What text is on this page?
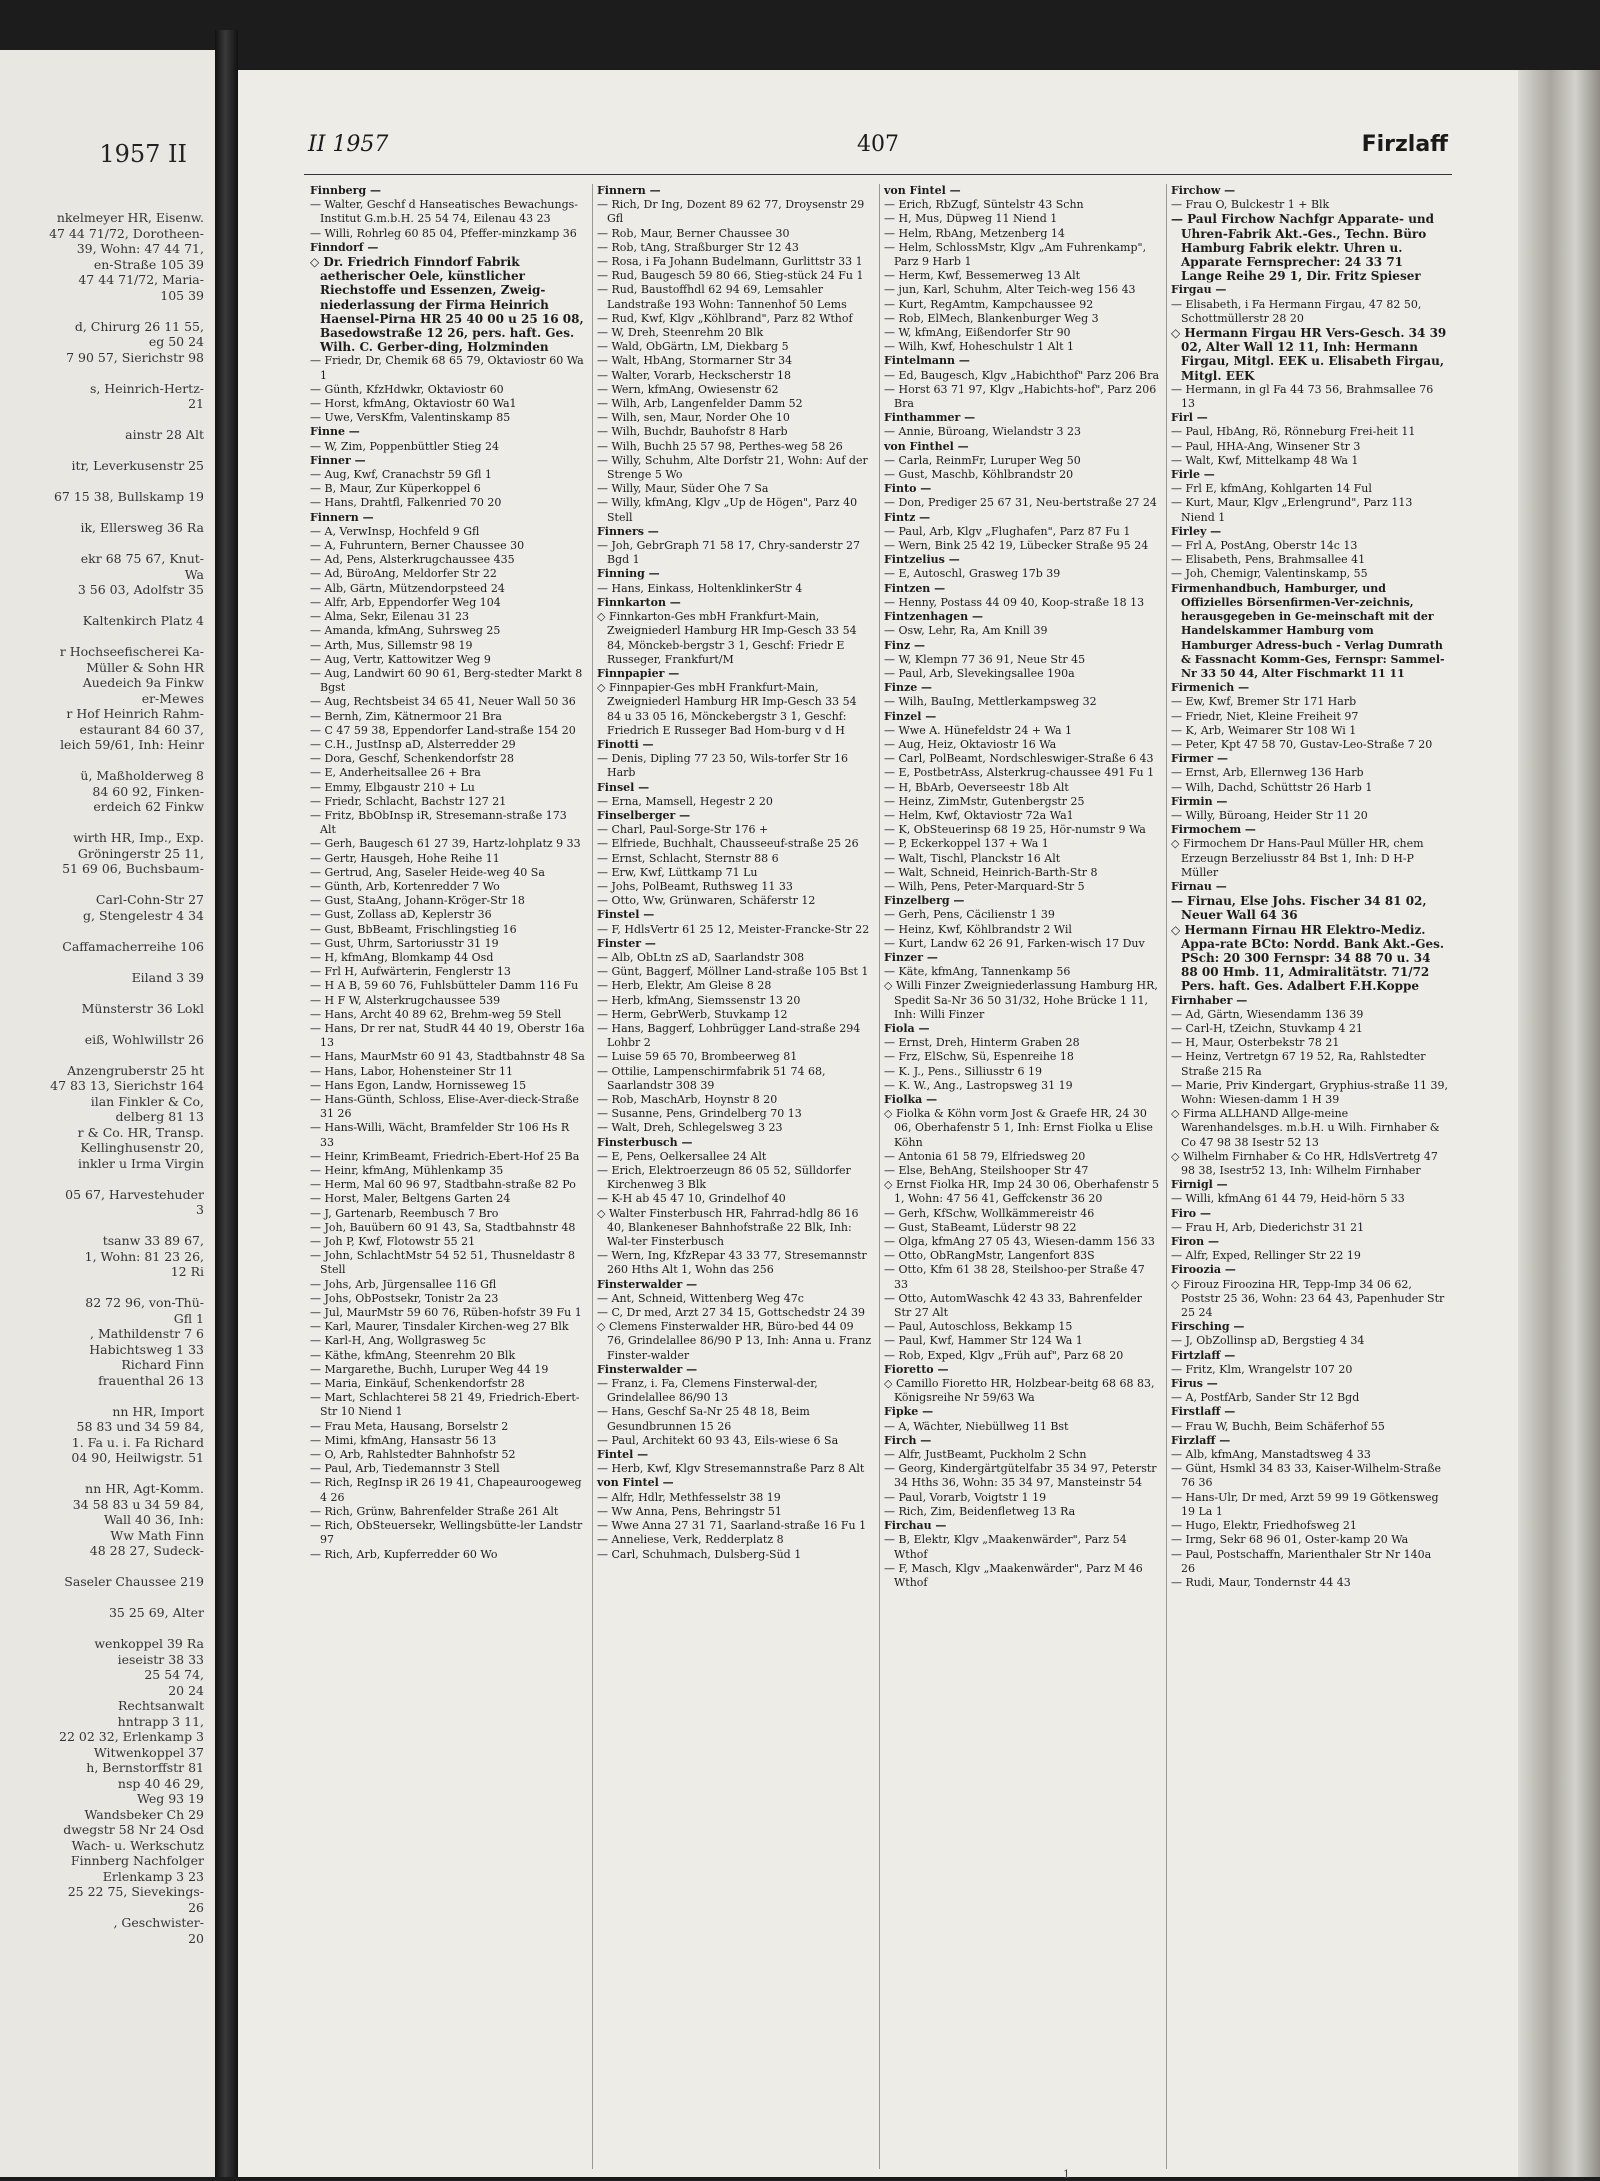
1957 II
nkelmeyer HR, Eisenw.
47 44 71/72, Dorotheen-
39, Wohn: 47 44 71,
en-Straße 105 39
47 44 71/72, Maria-
105 39

d, Chirurg 26 11 55,
eg 50 24
7 90 57, Sierichstr 98

s, Heinrich-Hertz-
21

ainstr 28 Alt

itr, Leverkusenstr 25

67 15 38, Bullskamp 19

ik, Ellersweg 36 Ra

ekr 68 75 67, Knut-
Wa
3 56 03, Adolfstr 35

Kaltenkirch Platz 4

r Hochseefischerei Ka-
Müller & Sohn HR
Auedeich 9a Finkw
er-Mewes
r Hof Heinrich Rahm-
estaurant 84 60 37,
leich 59/61, Inh: Heinr

ü, Maßholderweg 8
84 60 92, Finken-
erdeich 62 Finkw

wirth HR, Imp., Exp.
Gröningerstr 25 11,
51 69 06, Buchsbaum-

Carl-Cohn-Str 27
g, Stengelestr 4 34

Caffamacherreihe 106

Eiland 3 39

Münsterstr 36 Lokl

eiß, Wohlwillstr 26

Anzengruberstr 25 ht
47 83 13, Sierichstr 164
ilan Finkler & Co,
delberg 81 13
r & Co. HR, Transp.
Kellinghusenstr 20,
inkler u Irma Virgin

05 67, Harvestehuder
3

tsanw 33 89 67,
1, Wohn: 81 23 26,
12 Ri

82 72 96, von-Thü-
Gfl 1
, Mathildenstr 7 6
Habichtsweg 1 33
Richard Finn
frauenthal 26 13

nn HR, Import
58 83 und 34 59 84,
1. Fa u. i. Fa Richard
04 90, Heilwigstr. 51

nn HR, Agt-Komm.
34 58 83 u 34 59 84,
Wall 40 36, Inh:
Ww Math Finn
48 28 27, Sudeck-

Saseler Chaussee 219

35 25 69, Alter

wenkoppel 39 Ra
ieseistr 38 33
25 54 74,
20 24
Rechtsanwalt
hntrapp 3 11,
22 02 32, Erlenkamp 3
Witwenkoppel 37
h, Bernstorffstr 81
nsp 40 46 29,
Weg 93 19
Wandsbeker Ch 29
dwegstr 58 Nr 24 Osd
Wach- u. Werkschutz
Finnberg Nachfolger
Erlenkamp 3 23
25 22 75, Sievekings-
26
, Geschwister-
20
II 1957	407	Firzlaff
Finnberg —
— Walter, Geschf d Hanseatisches Bewachungs-Institut G.m.b.H. 25 54 74, Eilenau 43 23
— Willi, Rohrleg 60 85 04, Pfeffer-minzkamp 36
Finndorf —
◇ Dr. Friedrich Finndorf Fabrik aetherischer Oele, künstlicher Riechstoffe und Essenzen, Zweig-niederlassung der Firma Heinrich Haensel-Pirna HR 25 40 00 u 25 16 08, Basedowstraße 12 26, pers. haft. Ges. Wilh. C. Gerber-ding, Holzminden
— Friedr, Dr, Chemik 68 65 79, Oktaviostr 60 Wa 1
— Günth, KfzHdwkr, Oktaviostr 60
— Horst, kfmAng, Oktaviostr 60 Wa1
— Uwe, VersKfm, Valentinskamp 85
Finne —
— W, Zim, Poppenbüttler Stieg 24
Finner —
— Aug, Kwf, Cranachstr 59 Gfl 1
— B, Maur, Zur Küperkoppel 6
— Hans, Drahtfl, Falkenried 70 20
Finnern —
— A, VerwInsp, Hochfeld 9 Gfl
— A, Fuhruntern, Berner Chaussee 30
— Ad, Pens, Alsterkrugchaussee 435
— Ad, BüroAng, Meldorfer Str 22
— Alb, Gärtn, Mützendorpsteed 24
— Alfr, Arb, Eppendorfer Weg 104
— Alma, Sekr, Eilenau 31 23
— Amanda, kfmAng, Suhrsweg 25
— Arth, Mus, Sillemstr 98 19
— Aug, Vertr, Kattowitzer Weg 9
— Aug, Landwirt 60 90 61, Berg-stedter Markt 8 Bgst
— Aug, Rechtsbeist 34 65 41, Neuer Wall 50 36
— Bernh, Zim, Kätnermoor 21 Bra
— C 47 59 38, Eppendorfer Land-straße 154 20
— C.H., JustInsp aD, Alsterredder 29
— Dora, Geschf, Schenkendorfstr 28
— E, Anderheitsallee 26 + Bra
— Emmy, Elbgaustr 210 + Lu
— Friedr, Schlacht, Bachstr 127 21
— Fritz, BbObInsp iR, Stresemann-straße 173 Alt
— Gerh, Baugesch 61 27 39, Hartz-lohplatz 9 33
— Gertr, Hausgeh, Hohe Reihe 11
— Gertrud, Ang, Saseler Heide-weg 40 Sa
— Günth, Arb, Kortenredder 7 Wo
— Gust, StaAng, Johann-Kröger-Str 18
— Gust, Zollass aD, Keplerstr 36
— Gust, BbBeamt, Frischlingstieg 16
— Gust, Uhrm, Sartoriusstr 31 19
— H, kfmAng, Blomkamp 44 Osd
— Frl H, Aufwärterin, Fenglerstr 13
— H A B, 59 60 76, Fuhlsbütteler Damm 116 Fu
— H F W, Alsterkrugchaussee 539
— Hans, Archt 40 89 62, Brehm-weg 59 Stell
— Hans, Dr rer nat, StudR 44 40 19, Oberstr 16a 13
— Hans, MaurMstr 60 91 43, Stadtbahnstr 48 Sa
— Hans, Labor, Hohensteiner Str 11
— Hans Egon, Landw, Hornisseweg 15
— Hans-Günth, Schloss, Elise-Aver-dieck-Straße 31 26
— Hans-Willi, Wächt, Bramfelder Str 106 Hs R 33
— Heinr, KrimBeamt, Friedrich-Ebert-Hof 25 Ba
— Heinr, kfmAng, Mühlenkamp 35
— Herm, Mal 60 96 97, Stadtbahn-straße 82 Po
— Horst, Maler, Beltgens Garten 24
— J, Gartenarb, Reembusch 7 Bro
— Joh, Bauübern 60 91 43, Sa, Stadtbahnstr 48
— Joh P, Kwf, Flotowstr 55 21
— John, SchlachtMstr 54 52 51, Thusneldastr 8 Stell
— Johs, Arb, Jürgensallee 116 Gfl
— Johs, ObPostsekr, Tonistr 2a 23
— Jul, MaurMstr 59 60 76, Rüben-hofstr 39 Fu 1
— Karl, Maurer, Tinsdaler Kirchen-weg 27 Blk
— Karl-H, Ang, Wollgrasweg 5c
— Käthe, kfmAng, Steenrehm 20 Blk
— Margarethe, Buchh, Luruper Weg 44 19
— Maria, Einkäuf, Schenkendorfstr 28
— Mart, Schlachterei 58 21 49, Friedrich-Ebert-Str 10 Niend 1
— Frau Meta, Hausang, Borselstr 2
— Mimi, kfmAng, Hansastr 56 13
— O, Arb, Rahlstedter Bahnhofstr 52
— Paul, Arb, Tiedemannstr 3 Stell
— Rich, RegInsp iR 26 19 41, Chapeauroogeweg 4 26
— Rich, Grünw, Bahrenfelder Straße 261 Alt
— Rich, ObSteuersekr, Wellingsbütte-ler Landstr 97
— Rich, Arb, Kupferredder 60 Wo
Finnern —
— Rich, Dr Ing, Dozent 89 62 77, Droysenstr 29 Gfl
— Rob, Maur, Berner Chaussee 30
— Rob, tAng, Straßburger Str 12 43
— Rosa, i Fa Johann Budelmann, Gurlittstr 33 1
— Rud, Baugesch 59 80 66, Stieg-stück 24 Fu 1
— Rud, Baustoffhdl 62 94 69, Lemsahler Landstraße 193 Wohn: Tannenhof 50 Lems
— Rud, Kwf, Klgv „Köhlbrand", Parz 82 Wthof
— W, Dreh, Steenrehm 20 Blk
— Wald, ObGärtn, LM, Diekbarg 5
— Walt, HbAng, Stormarner Str 34
— Walter, Vorarb, Heckscherstr 18
— Wern, kfmAng, Owiesenstr 62
— Wilh, Arb, Langenfelder Damm 52
— Wilh, sen, Maur, Norder Ohe 10
— Wilh, Buchdr, Bauhofstr 8 Harb
— Wilh, Buchh 25 57 98, Perthes-weg 58 26
— Willy, Schuhm, Alte Dorfstr 21, Wohn: Auf der Strenge 5 Wo
— Willy, Maur, Süder Ohe 7 Sa
— Willy, kfmAng, Klgv „Up de Högen", Parz 40 Stell
Finners —
— Joh, GebrGraph 71 58 17, Chry-sanderstr 27 Bgd 1
Finning —
— Hans, Einkass, HoltenklinkerStr 4
Finnkarton —
◇ Finnkarton-Ges mbH Frankfurt-Main, Zweigniederl Hamburg HR Imp-Gesch 33 54 84, Mönckeb-bergstr 3 1, Geschf: Friedr E Russeger, Frankfurt/M
Finnpapier —
◇ Finnpapier-Ges mbH Frankfurt-Main, Zweigniederl Hamburg HR Imp-Gesch 33 54 84 u 33 05 16, Mönckebergstr 3 1, Geschf: Friedrich E Russeger Bad Hom-burg v d H
Finotti —
— Denis, Dipling 77 23 50, Wils-torfer Str 16 Harb
Finsel —
— Erna, Mamsell, Hegestr 2 20
Finselberger —
— Charl, Paul-Sorge-Str 176 +
— Elfriede, Buchhalt, Chausseeuf-straße 25 26
— Ernst, Schlacht, Sternstr 88 6
— Erw, Kwf, Lüttkamp 71 Lu
— Johs, PolBeamt, Ruthsweg 11 33
— Otto, Ww, Grünwaren, Schäferstr 12
Finstel —
— F, HdlsVertr 61 25 12, Meister-Francke-Str 22
Finster —
— Alb, ObLtn zS aD, Saarlandstr 308
— Günt, Baggerf, Möllner Land-straße 105 Bst 1
— Herb, Elektr, Am Gleise 8 28
— Herb, kfmAng, Siemssenstr 13 20
— Herm, GebrWerb, Stuvkamp 12
— Hans, Baggerf, Lohbrügger Land-straße 294 Lohbr 2
— Luise 59 65 70, Brombeerweg 81
— Ottilie, Lampenschirmfabrik 51 74 68, Saarlandstr 308 39
— Rob, MaschArb, Hoynstr 8 20
— Susanne, Pens, Grindelberg 70 13
— Walt, Dreh, Schlegelsweg 3 23
Finsterbusch —
— E, Pens, Oelkersallee 24 Alt
— Erich, Elektroerzeugn 86 05 52, Sülldorfer Kirchenweg 3 Blk
— K-H ab 45 47 10, Grindelhof 40
◇ Walter Finsterbusch HR, Fahrrad-hdlg 86 16 40, Blankeneser Bahnhofstraße 22 Blk, Inh: Wal-ter Finsterbusch
— Wern, Ing, KfzRepar 43 33 77, Stresemannstr 260 Hths Alt 1, Wohn das 256
Finsterwalder —
— Ant, Schneid, Wittenberg Weg 47c
— C, Dr med, Arzt 27 34 15, Gottschedstr 24 39
◇ Clemens Finsterwalder HR, Büro-bed 44 09 76, Grindelallee 86/90 P 13, Inh: Anna u. Franz Finster-walder
Finsterwalder —
— Franz, i. Fa, Clemens Finsterwal-der, Grindelallee 86/90 13
— Hans, Geschf Sa-Nr 25 48 18, Beim Gesundbrunnen 15 26
— Paul, Architekt 60 93 43, Eils-wiese 6 Sa
Fintel —
— Herb, Kwf, Klgv Stresemannstraße Parz 8 Alt
von Fintel —
— Alfr, Hdlr, Methfesselstr 38 19
— Ww Anna, Pens, Behringstr 51
— Wwe Anna 27 31 71, Saarland-straße 16 Fu 1
— Anneliese, Verk, Redderplatz 8
— Carl, Schuhmach, Dulsberg-Süd 1
von Fintel —
— Erich, RbZugf, Süntelstr 43 Schn
— H, Mus, Düpweg 11 Niend 1
— Helm, RbAng, Metzenberg 14
— Helm, SchlossMstr, Klgv „Am Fuhrenkamp", Parz 9 Harb 1
— Herm, Kwf, Bessemerweg 13 Alt
— jun, Karl, Schuhm, Alter Teich-weg 156 43
— Kurt, RegAmtm, Kampchaussee 92
— Rob, ElMech, Blankenburger Weg 3
— W, kfmAng, Eißendorfer Str 90
— Wilh, Kwf, Hoheschulstr 1 Alt 1
Fintelmann —
— Ed, Baugesch, Klgv „Habichthof" Parz 206 Bra
— Horst 63 71 97, Klgv „Habichts-hof", Parz 206 Bra
Finthammer —
— Annie, Büroang, Wielandstr 3 23
von Finthel —
— Carla, ReinmFr, Luruper Weg 50
— Gust, Maschb, Köhlbrandstr 20
Finto —
— Don, Prediger 25 67 31, Neu-bertstraße 27 24
Fintz —
— Paul, Arb, Klgv „Flughafen", Parz 87 Fu 1
— Wern, Bink 25 42 19, Lübecker Straße 95 24
Fintzelius —
— E, Autoschl, Grasweg 17b 39
Fintzen —
— Henny, Postass 44 09 40, Koop-straße 18 13
Fintzenhagen —
— Osw, Lehr, Ra, Am Knill 39
Finz —
— W, Klempn 77 36 91, Neue Str 45
— Paul, Arb, Slevekingsallee 190a
Finze —
— Wilh, BauIng, Mettlerkampsweg 32
Finzel —
— Wwe A. Hünefeldstr 24 + Wa 1
— Aug, Heiz, Oktaviostr 16 Wa
— Carl, PolBeamt, Nordschleswiger-Straße 6 43
— E, PostbetrAss, Alsterkrug-chaussee 491 Fu 1
— H, BbArb, Oeverseestr 18b Alt
— Heinz, ZimMstr, Gutenbergstr 25
— Helm, Kwf, Oktaviostr 72a Wa1
— K, ObSteuerinsp 68 19 25, Hör-numstr 9 Wa
— P, Eckerkoppel 137 + Wa 1
— Walt, Tischl, Planckstr 16 Alt
— Walt, Schneid, Heinrich-Barth-Str 8
— Wilh, Pens, Peter-Marquard-Str 5
Finzelberg —
— Gerh, Pens, Cäcilienstr 1 39
— Heinz, Kwf, Köhlbrandstr 2 Wil
— Kurt, Landw 62 26 91, Farken-wisch 17 Duv
Finzer —
— Käte, kfmAng, Tannenkamp 56
◇ Willi Finzer Zweigniederlassung Hamburg HR, Spedit Sa-Nr 36 50 31/32, Hohe Brücke 1 11, Inh: Willi Finzer
Fiola —
— Ernst, Dreh, Hinterm Graben 28
— Frz, ElSchw, Sü, Espenreihe 18
— K. J., Pens., Silliusstr 6 19
— K. W., Ang., Lastropsweg 31 19
Fiolka —
◇ Fiolka & Köhn vorm Jost & Graefe HR, 24 30 06, Oberhafenstr 5 1, Inh: Ernst Fiolka u Elise Köhn
— Antonia 61 58 79, Elfriedsweg 20
— Else, BehAng, Steilshooper Str 47
◇ Ernst Fiolka HR, Imp 24 30 06, Oberhafenstr 5 1, Wohn: 47 56 41, Geffckenstr 36 20
— Gerh, KfSchw, Wollkämmereistr 46
— Gust, StaBeamt, Lüderstr 98 22
— Olga, kfmAng 27 05 43, Wiesen-damm 156 33
— Otto, ObRangMstr, Langenfort 83S
— Otto, Kfm 61 38 28, Steilshoo-per Straße 47 33
— Otto, AutomWaschk 42 43 33, Bahrenfelder Str 27 Alt
— Paul, Autoschloss, Bekkamp 15
— Paul, Kwf, Hammer Str 124 Wa 1
— Rob, Exped, Klgv „Früh auf", Parz 68 20
Fioretto —
◇ Camillo Fioretto HR, Holzbear-beitg 68 68 83, Königsreihe Nr 59/63 Wa
Fipke —
— A, Wächter, Niebüllweg 11 Bst
Firch —
— Alfr, JustBeamt, Puckholm 2 Schn
— Georg, Kindergärtgütelfabr 35 34 97, Peterstr 34 Hths 36, Wohn: 35 34 97, Mansteinstr 54
— Paul, Vorarb, Voigtstr 1 19
— Rich, Zim, Beidenfletweg 13 Ra
Firchau —
— B, Elektr, Klgv „Maakenwärder", Parz 54 Wthof
— F, Masch, Klgv „Maakenwärder", Parz M 46 Wthof
Firchow —
— Frau O, Bulckestr 1 + Blk
— Paul Firchow Nachfgr Apparate- und Uhren-Fabrik Akt.-Ges., Techn. Büro Hamburg Fabrik elektr. Uhren u. Apparate Fernsprecher: 24 33 71 Lange Reihe 29 1, Dir. Fritz Spieser
Firgau —
— Elisabeth, i Fa Hermann Firgau, 47 82 50, Schottmüllerstr 28 20
◇ Hermann Firgau HR Vers-Gesch. 34 39 02, Alter Wall 12 11, Inh: Hermann Firgau, Mitgl. EEK u. Elisabeth Firgau, Mitgl. EEK
— Hermann, in gl Fa 44 73 56, Brahmsallee 76 13
Firl —
— Paul, HbAng, Rö, Rönneburg Frei-heit 11
— Paul, HHA-Ang, Winsener Str 3
— Walt, Kwf, Mittelkamp 48 Wa 1
Firle —
— Frl E, kfmAng, Kohlgarten 14 Ful
— Kurt, Maur, Klgv „Erlengrund", Parz 113 Niend 1
Firley —
— Frl A, PostAng, Oberstr 14c 13
— Elisabeth, Pens, Brahmsallee 41
— Joh, Chemigr, Valentinskamp, 55
Firmenhandbuch, Hamburger, und Offizielles Börsenfirmen-Ver-zeichnis, herausgegeben in Ge-meinschaft mit der Handelskammer Hamburg vom Hamburger Adress-buch - Verlag Dumrath & Fassnacht Komm-Ges, Fernspr: Sammel-Nr 33 50 44, Alter Fischmarkt 11 11
Firmenich —
— Ew, Kwf, Bremer Str 171 Harb
— Friedr, Niet, Kleine Freiheit 97
— K, Arb, Weimarer Str 108 Wi 1
— Peter, Kpt 47 58 70, Gustav-Leo-Straße 7 20
Firmer —
— Ernst, Arb, Ellernweg 136 Harb
— Wilh, Dachd, Schüttstr 26 Harb 1
Firmin —
— Willy, Büroang, Heider Str 11 20
Firmochem —
◇ Firmochem Dr Hans-Paul Müller HR, chem Erzeugn Berzeliusstr 84 Bst 1, Inh: D H-P Müller
Firnau —
— Firnau, Else Johs. Fischer 34 81 02, Neuer Wall 64 36
◇ Hermann Firnau HR Elektro-Mediz. Appa-rate BCto: Nordd. Bank Akt.-Ges. PSch: 20 300 Fernspr: 34 88 70 u. 34 88 00 Hmb. 11, Admiralitätstr. 71/72 Pers. haft. Ges. Adalbert F.H.Koppe
Firnhaber —
— Ad, Gärtn, Wiesendamm 136 39
— Carl-H, tZeichn, Stuvkamp 4 21
— H, Maur, Osterbekstr 78 21
— Heinz, Vertretgn 67 19 52, Ra, Rahlstedter Straße 215 Ra
— Marie, Priv Kindergart, Gryphius-straße 11 39, Wohn: Wiesen-damm 1 H 39
◇ Firma ALLHAND Allge-meine Warenhandelsges. m.b.H. u Wilh. Firnhaber & Co 47 98 38 Isestr 52 13
◇ Wilhelm Firnhaber & Co HR, HdlsVertretg 47 98 38, Isestr52 13, Inh: Wilhelm Firnhaber
Firnigl —
— Willi, kfmAng 61 44 79, Heid-hörn 5 33
Firo —
— Frau H, Arb, Diederichstr 31 21
Firon —
— Alfr, Exped, Rellinger Str 22 19
Firoozia —
◇ Firouz Firoozina HR, Tepp-Imp 34 06 62, Poststr 25 36, Wohn: 23 64 43, Papenhuder Str 25 24
Firsching —
— J, ObZollinsp aD, Bergstieg 4 34
Firtzlaff —
— Fritz, Klm, Wrangelstr 107 20
Firus —
— A, PostfArb, Sander Str 12 Bgd
Firstlaff —
— Frau W, Buchh, Beim Schäferhof 55
Firzlaff —
— Alb, kfmAng, Manstadtsweg 4 33
— Günt, Hsmkl 34 83 33, Kaiser-Wilhelm-Straße 76 36
— Hans-Ulr, Dr med, Arzt 59 99 19 Götkensweg 19 La 1
— Hugo, Elektr, Friedhofsweg 21
— Irmg, Sekr 68 96 01, Oster-kamp 20 Wa
— Paul, Postschaffn, Marienthaler Str Nr 140a 26
— Rudi, Maur, Tondernstr 44 43
1
